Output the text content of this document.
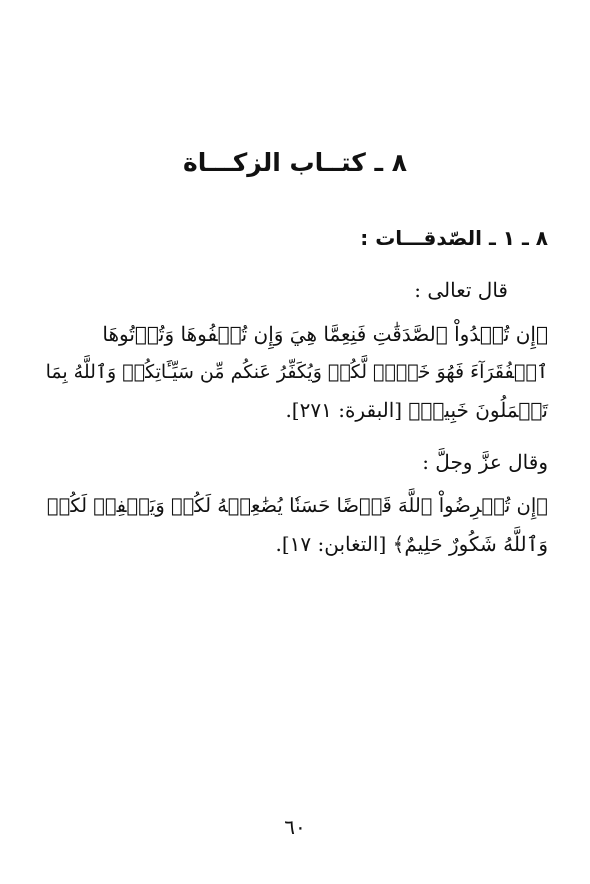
٨ ـ كتــاب الزكـــاة
٨ ـ ١ ـ الصّدقـــات :
قال تعالى :
﴿إِن تُبۡدُواْ ٱلصَّدَقَٰتِ فَنِعِمَّا هِيَ وَإِن تُخۡفُوهَا وَتُؤۡتُوهَا
ٱلۡفُقَرَآءَ فَهُوَ خَيۡرٞ لَّكُمۡ وَيُكَفِّرُ عَنكُم مِّن سَيِّـَٔاتِكُمۡ وَٱللَّهُ بِمَا
تَعۡمَلُونَ خَبِيرٞ﴾ [البقرة: ٢٧١].
وقال عزَّ وجلَّ :
﴿إِن تُقۡرِضُواْ ٱللَّهَ قَرۡضًا حَسَنٗا يُضَٰعِفۡهُ لَكُمۡ وَيَغۡفِرۡ لَكُمۡ
وَٱللَّهُ شَكُورٌ حَلِيمٌ﴾ [التغابن: ١٧].
٦٠
